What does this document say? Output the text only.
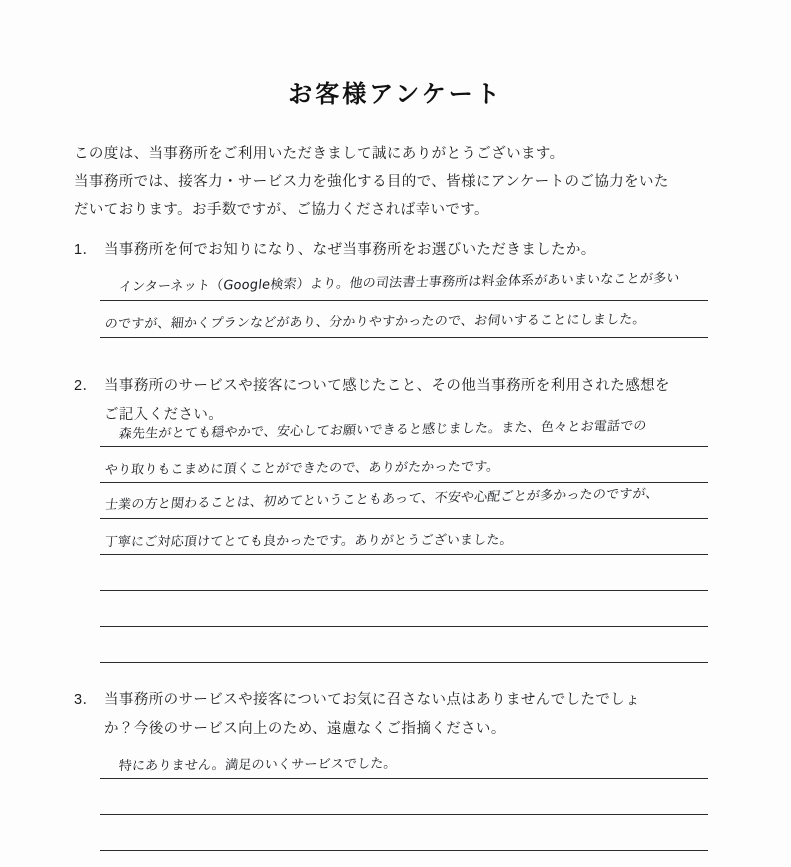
お客様アンケート
この度は、当事務所をご利用いただきまして誠にありがとうございます。
当事務所では、接客力・サービス力を強化する目的で、皆様にアンケートのご協力をいた
だいております。お手数ですが、ご協力くだされば幸いです。
1． 当事務所を何でお知りになり、なぜ当事務所をお選びいただきましたか。
インターネット（Google検索）より。他の司法書士事務所は料金体系があいまいなことが多い
のですが、細かくプランなどがあり、分かりやすかったので、お伺いすることにしました。
2． 当事務所のサービスや接客について感じたこと、その他当事務所を利用された感想を
ご記入ください。
森先生がとても穏やかで、安心してお願いできると感じました。また、色々とお電話での
やり取りもこまめに頂くことができたので、ありがたかったです。
士業の方と関わることは、初めてということもあって、不安や心配ごとが多かったのですが、
丁寧にご対応頂けてとても良かったです。ありがとうございました。
3． 当事務所のサービスや接客についてお気に召さない点はありませんでしたでしょ
か？今後のサービス向上のため、遠慮なくご指摘ください。
特にありません。満足のいくサービスでした。
